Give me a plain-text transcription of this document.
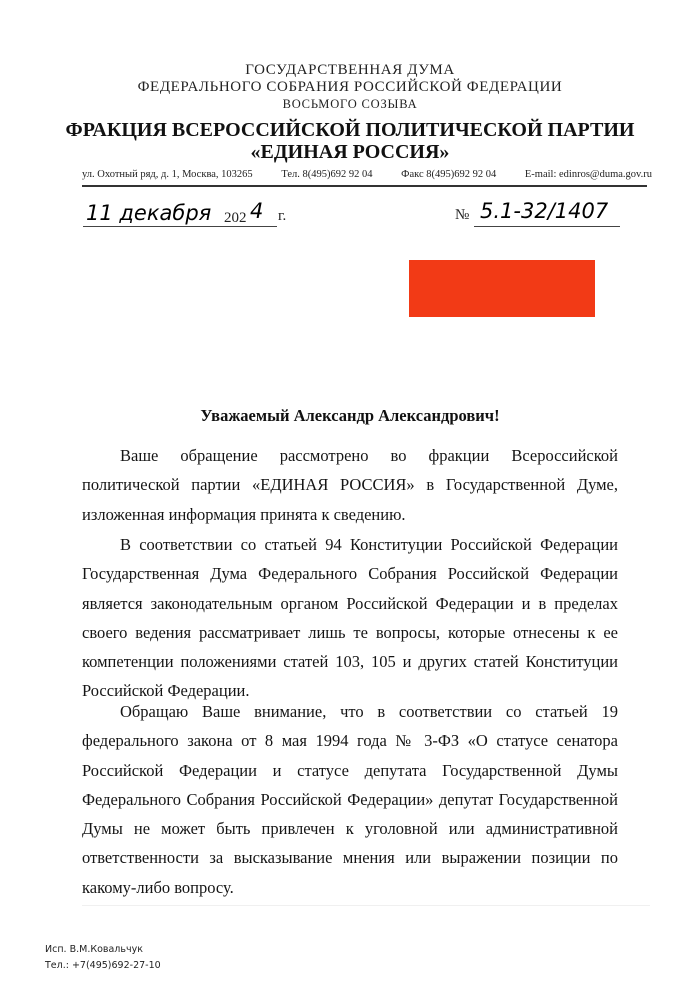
ГОСУДАРСТВЕННАЯ ДУМА
ФЕДЕРАЛЬНОГО СОБРАНИЯ РОССИЙСКОЙ ФЕДЕРАЦИИ
ВОСЬМОГО СОЗЫВА
ФРАКЦИЯ ВСЕРОССИЙСКОЙ ПОЛИТИЧЕСКОЙ ПАРТИИ
«ЕДИНАЯ РОССИЯ»
ул. Охотный ряд, д. 1, Москва, 103265	Тел. 8(495)692 92 04	Факс 8(495)692 92 04	E-mail: edinros@duma.gov.ru
11 декабря 202 4 г.	№ 5.1-32/1407
Уважаемый Александр Александрович!
Ваше обращение рассмотрено во фракции Всероссийской политической партии «ЕДИНАЯ РОССИЯ» в Государственной Думе, изложенная информация принята к сведению.
В соответствии со статьей 94 Конституции Российской Федерации Государственная Дума Федерального Собрания Российской Федерации является законодательным органом Российской Федерации и в пределах своего ведения рассматривает лишь те вопросы, которые отнесены к ее компетенции положениями статей 103, 105 и других статей Конституции Российской Федерации.
Обращаю Ваше внимание, что в соответствии со статьей 19 федерального закона от 8 мая 1994 года № 3-ФЗ «О статусе сенатора Российской Федерации и статусе депутата Государственной Думы Федерального Собрания Российской Федерации» депутат Государственной Думы не может быть привлечен к уголовной или административной ответственности за высказывание мнения или выражении позиции по какому-либо вопросу.
Исп. В.М.Ковальчук
Тел.: +7(495)692-27-10
